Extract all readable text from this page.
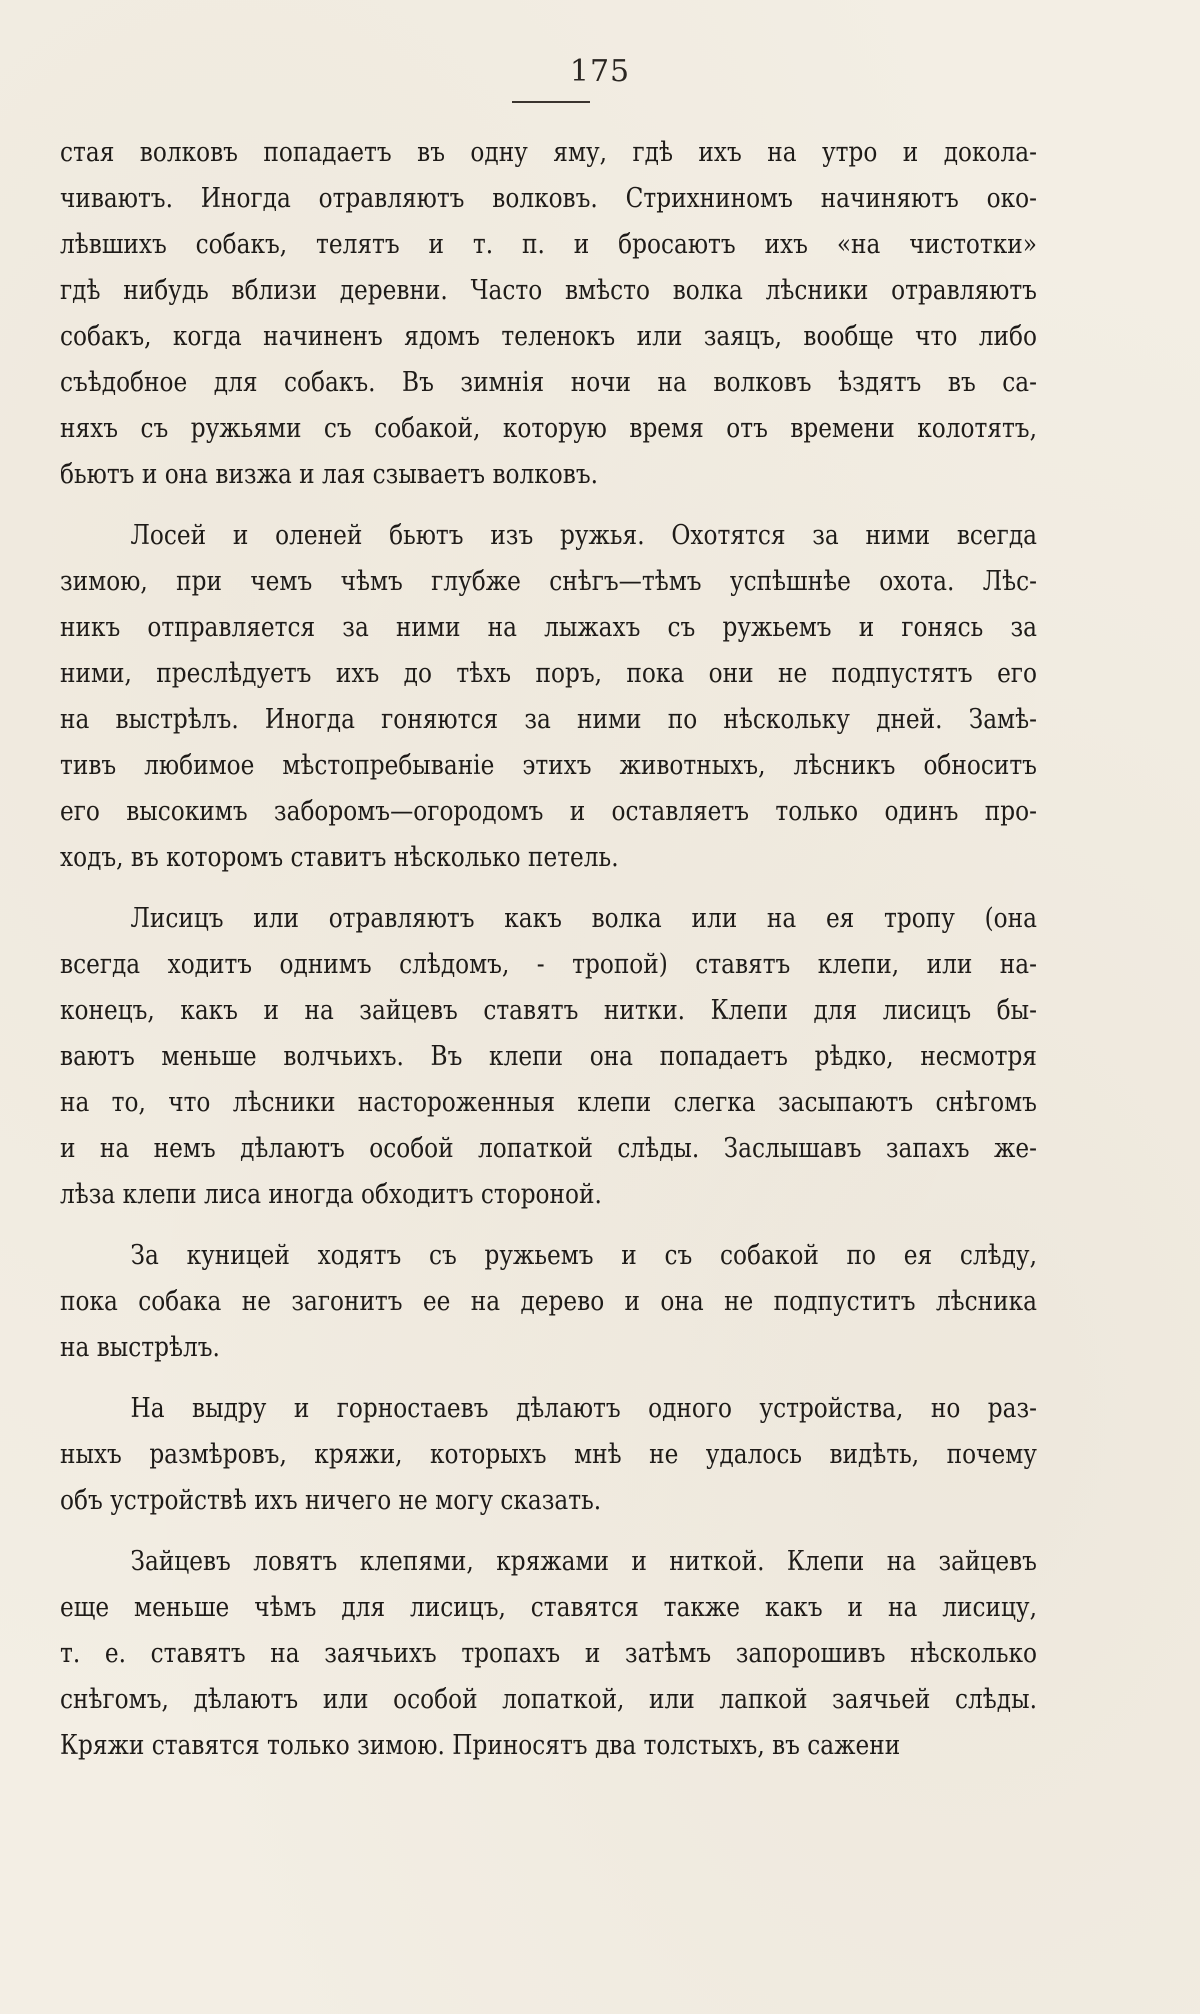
175
стая волковъ попадаетъ въ одну яму, гдѣ ихъ на утро и докола-
чиваютъ. Иногда отравляютъ волковъ. Стрихниномъ начиняютъ око-
лѣвшихъ собакъ, телятъ и т. п. и бросаютъ ихъ «на чистотки»
гдѣ нибудь вблизи деревни. Часто вмѣсто волка лѣсники отравляютъ
собакъ, когда начиненъ ядомъ теленокъ или заяцъ, вообще что либо
съѣдобное для собакъ. Въ зимнія ночи на волковъ ѣздятъ въ са-
няхъ съ ружьями съ собакой, которую время отъ времени колотятъ,
бьютъ и она визжа и лая сзываетъ волковъ.
Лосей и оленей бьютъ изъ ружья. Охотятся за ними всегда
зимою, при чемъ чѣмъ глубже снѣгъ—тѣмъ успѣшнѣе охота. Лѣс-
никъ отправляется за ними на лыжахъ съ ружьемъ и гонясь за
ними, преслѣдуетъ ихъ до тѣхъ поръ, пока они не подпустятъ его
на выстрѣлъ. Иногда гоняются за ними по нѣскольку дней. Замѣ-
тивъ любимое мѣстопребываніе этихъ животныхъ, лѣсникъ обноситъ
его высокимъ заборомъ—огородомъ и оставляетъ только одинъ про-
ходъ, въ которомъ ставитъ нѣсколько петель.
Лисицъ или отравляютъ какъ волка или на ея тропу (она
всегда ходитъ однимъ слѣдомъ, - тропой) ставятъ клепи, или на-
конецъ, какъ и на зайцевъ ставятъ нитки. Клепи для лисицъ бы-
ваютъ меньше волчьихъ. Въ клепи она попадаетъ рѣдко, несмотря
на то, что лѣсники настороженныя клепи слегка засыпаютъ снѣгомъ
и на немъ дѣлаютъ особой лопаткой слѣды. Заслышавъ запахъ же-
лѣза клепи лиса иногда обходитъ стороной.
За куницей ходятъ съ ружьемъ и съ собакой по ея слѣду,
пока собака не загонитъ ее на дерево и она не подпуститъ лѣсника
на выстрѣлъ.
На выдру и горностаевъ дѣлаютъ одного устройства, но раз-
ныхъ размѣровъ, кряжи, которыхъ мнѣ не удалось видѣть, почему
объ устройствѣ ихъ ничего не могу сказать.
Зайцевъ ловятъ клепями, кряжами и ниткой. Клепи на зайцевъ
еще меньше чѣмъ для лисицъ, ставятся также какъ и на лисицу,
т. е. ставятъ на заячьихъ тропахъ и затѣмъ запорошивъ нѣсколько
снѣгомъ, дѣлаютъ или особой лопаткой, или лапкой заячьей слѣды.
Кряжи ставятся только зимою. Приносятъ два толстыхъ, въ сажени
